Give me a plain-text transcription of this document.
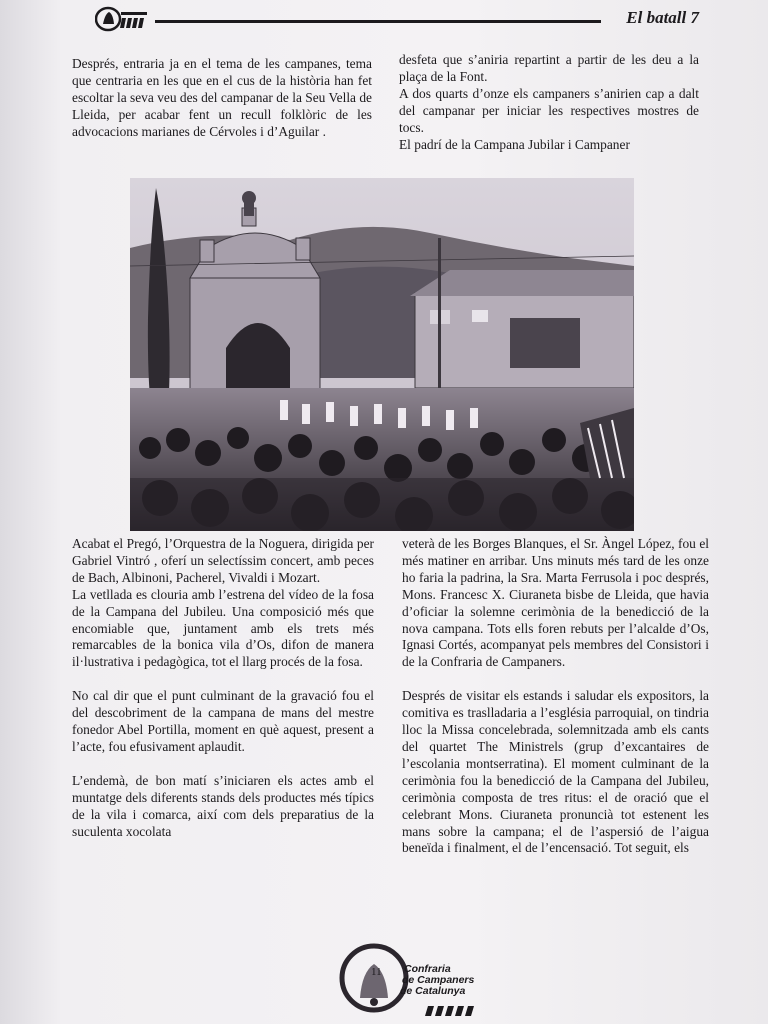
El batall 7

Després, entraria ja en el tema de les campanes, tema que centraria en les que en el cus de la història han fet escoltar la seva veu des del campanar de la Seu Vella de Lleida, per acabar fent un recull folklòric de les advocacions marianes de Cérvoles i d’Aguilar .

desfeta que s’aniria repartint a partir de les deu a la plaça de la Font.

A dos quarts d’onze els campaners s’anirien cap a dalt del campanar per iniciar les respectives mostres de tocs.

El padrí de la Campana Jubilar i Campaner

Acabat el Pregó, l’Orquestra de la Noguera, dirigida per Gabriel Vintró , oferí un selectíssim concert, amb peces de Bach, Albinoni, Pacherel, Vivaldi i Mozart.

La vetllada es clouria amb l’estrena del vídeo de la fosa de la Campana del Jubileu. Una composició més que encomiable que, juntament amb els trets més remarcables de la bonica vila d’Os, difon de manera il·lustrativa i pedagògica, tot el llarg procés de la fosa.

No cal dir que el punt culminant de la gravació fou el del descobriment de la campana de mans del mestre fonedor Abel Portilla, moment en què aquest, present a l’acte, fou efusivament aplaudit.

L’endemà, de bon matí s’iniciaren els actes amb el muntatge dels diferents stands dels productes més típics de la vila i comarca, així com dels preparatius de la suculenta xocolata

veterà de les Borges Blanques, el Sr. Àngel López, fou el més matiner en arribar. Uns minuts més tard de les onze ho faria la padrina, la Sra. Marta Ferrusola i poc després, Mons. Francesc X. Ciuraneta bisbe de Lleida, que havia d’oficiar la solemne cerimònia de la benedicció de la nova campana. Tots ells foren rebuts per l’alcalde d’Os, Ignasi Cortés, acompanyat pels membres del Consistori i de la Confraria de Campaners.

Després de visitar els estands i saludar els expositors, la comitiva es traslladaria a l’església parroquial, on tindria lloc la Missa concelebrada, solemnitzada amb els cants del quartet The Ministrels (grup d’excantaires de l’escolania montserratina). El moment culminant de la cerimònia fou la benedicció de la Campana del Jubileu, cerimònia composta de tres ritus: el de oració que el celebrant Mons. Ciuraneta pronuncià tot estenent les mans sobre la campana; el de l’aspersió de l’aigua beneïda i finalment, el de l’encensació. Tot seguit, els

11 Confraria
de Campaners
de Catalunya
